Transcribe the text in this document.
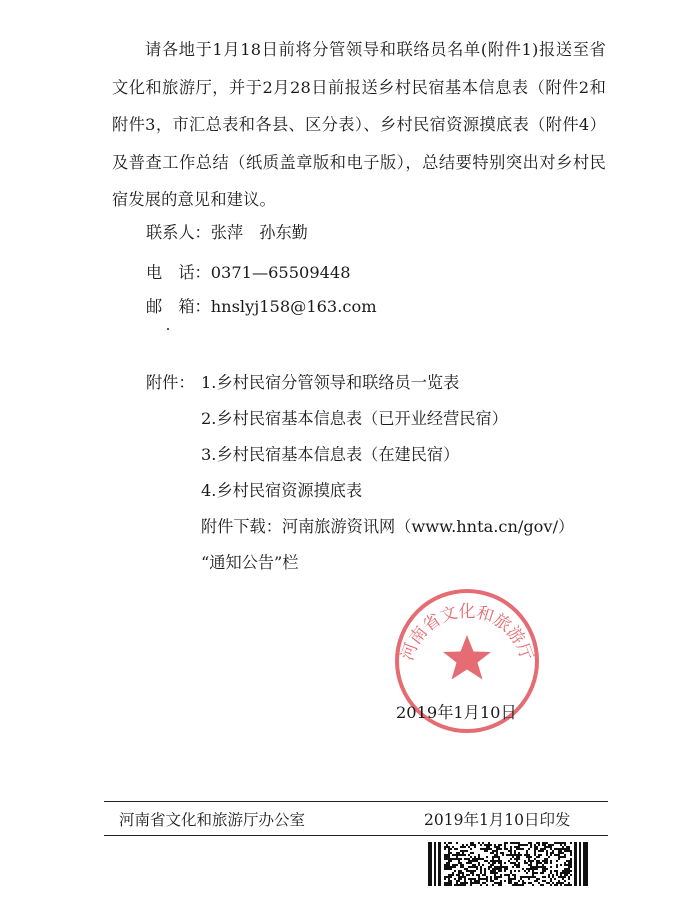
请各地于1月18日前将分管领导和联络员名单(附件1)报送至省文化和旅游厅，并于2月28日前报送乡村民宿基本信息表（附件2和附件3，市汇总表和各县、区分表）、乡村民宿资源摸底表（附件4）及普查工作总结（纸质盖章版和电子版），总结要特别突出对乡村民宿发展的意见和建议。

联系人：张萍　孙东勤
电　话：0371—65509448
邮　箱：hnslyj158@163.com
附件： 1.乡村民宿分管领导和联络员一览表
2.乡村民宿基本信息表（已开业经营民宿）
3.乡村民宿基本信息表（在建民宿）
4.乡村民宿资源摸底表
附件下载：河南旅游资讯网（www.hnta.cn/gov/）
“通知公告”栏
河南省文化和旅游厅
2019年1月10日
河南省文化和旅游厅办公室	2019年1月10日印发
